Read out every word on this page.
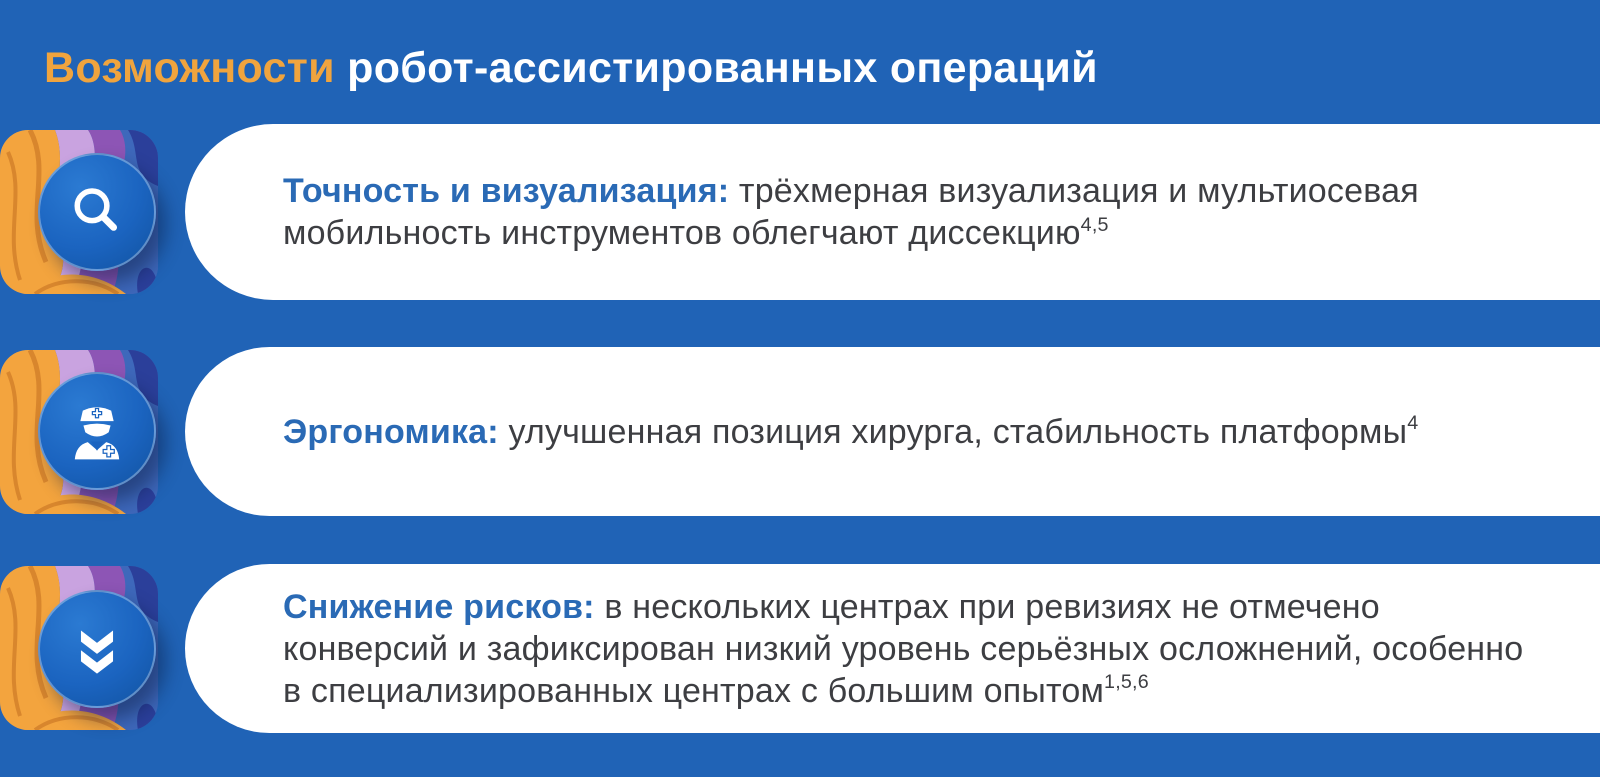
Возможности робот-ассистированных операций

Точность и визуализация: трёхмерная визуализация и мультиосевая
мобильность инструментов облегчают диссекцию$^{4,5}$

Эргономика: улучшенная позиция хирурга, стабильность платформы$^4$

Снижение рисков: в нескольких центрах при ревизиях не отмечено
конверсий и зафиксирован низкий уровень серьёзных осложнений, особенно
в специализированных центрах с большим опытом$^{1,5,6}$
